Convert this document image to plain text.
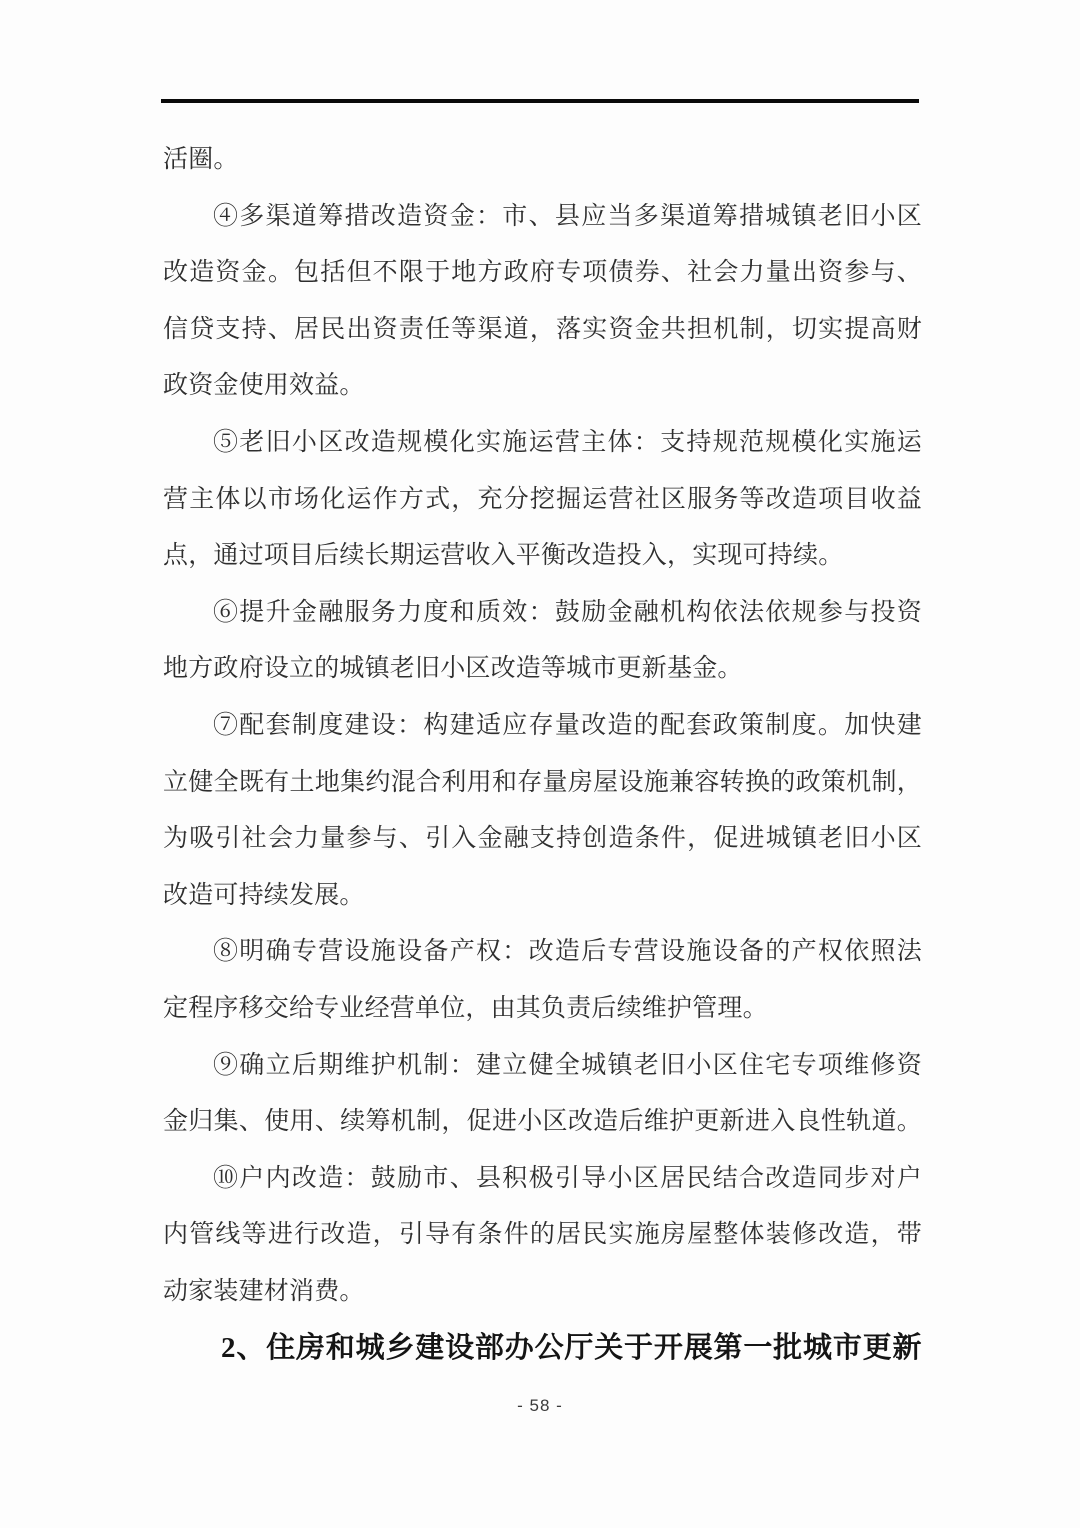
活圈。

④多渠道筹措改造资金：市、县应当多渠道筹措城镇老旧小区

改造资金。包括但不限于地方政府专项债券、社会力量出资参与、

信贷支持、居民出资责任等渠道，落实资金共担机制，切实提高财

政资金使用效益。

⑤老旧小区改造规模化实施运营主体：支持规范规模化实施运

营主体以市场化运作方式，充分挖掘运营社区服务等改造项目收益

点，通过项目后续长期运营收入平衡改造投入，实现可持续。

⑥提升金融服务力度和质效：鼓励金融机构依法依规参与投资

地方政府设立的城镇老旧小区改造等城市更新基金。

⑦配套制度建设：构建适应存量改造的配套政策制度。加快建

立健全既有土地集约混合利用和存量房屋设施兼容转换的政策机制，

为吸引社会力量参与、引入金融支持创造条件，促进城镇老旧小区

改造可持续发展。

⑧明确专营设施设备产权：改造后专营设施设备的产权依照法

定程序移交给专业经营单位，由其负责后续维护管理。

⑨确立后期维护机制：建立健全城镇老旧小区住宅专项维修资

金归集、使用、续筹机制，促进小区改造后维护更新进入良性轨道。

⑩户内改造：鼓励市、县积极引导小区居民结合改造同步对户

内管线等进行改造，引导有条件的居民实施房屋整体装修改造，带

动家装建材消费。

2、住房和城乡建设部办公厅关于开展第一批城市更新
- 58 -
